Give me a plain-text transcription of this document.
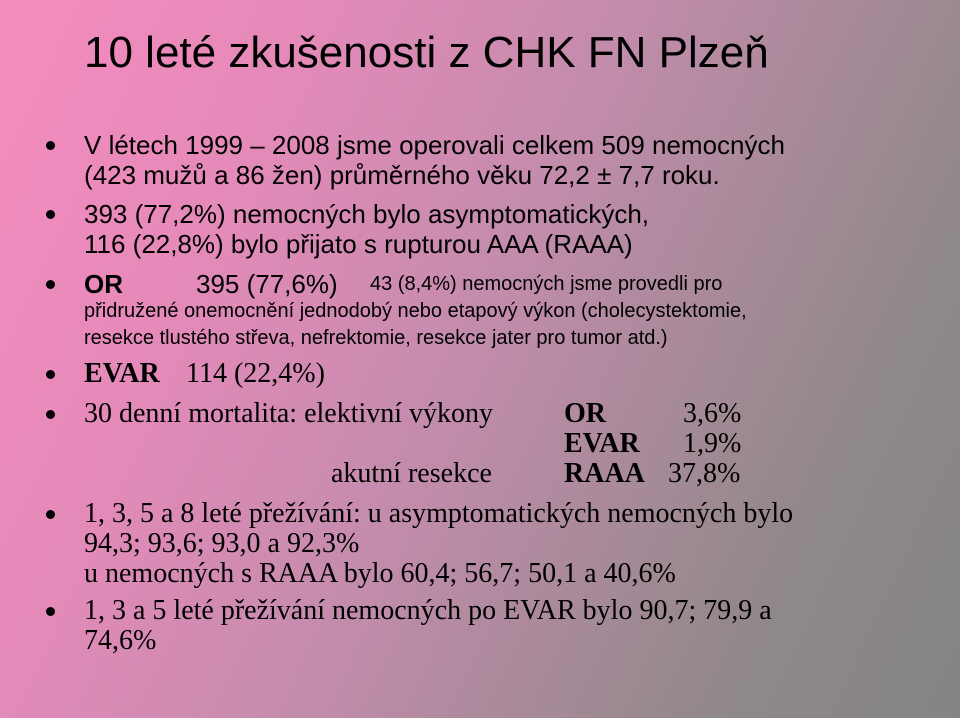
10 leté zkušenosti z CHK FN Plzeň
V létech 1999 – 2008 jsme operovali celkem 509 nemocných
(423 mužů a 86 žen) průměrného věku 72,2 ± 7,7 roku.
393 (77,2%) nemocných bylo asymptomatických,
116 (22,8%) bylo přijato s rupturou AAA (RAAA)
OR	395 (77,6%) 43 (8,4%) nemocných jsme provedli pro
přidružené onemocnění jednodobý nebo etapový výkon (cholecystektomie,
resekce tlustého střeva, nefrektomie, resekce jater pro tumor atd.)
EVAR 114 (22,4%)
30 denní mortalita: elektivní výkony	OR	3,6%
EVAR 1,9%
akutní resekce	RAAA 37,8%
1, 3, 5 a 8 leté přežívání: u asymptomatických nemocných bylo
94,3; 93,6; 93,0 a 92,3%
u nemocných s RAAA bylo 60,4; 56,7; 50,1 a 40,6%
1, 3 a 5 leté přežívání nemocných po EVAR bylo 90,7; 79,9 a
74,6%
